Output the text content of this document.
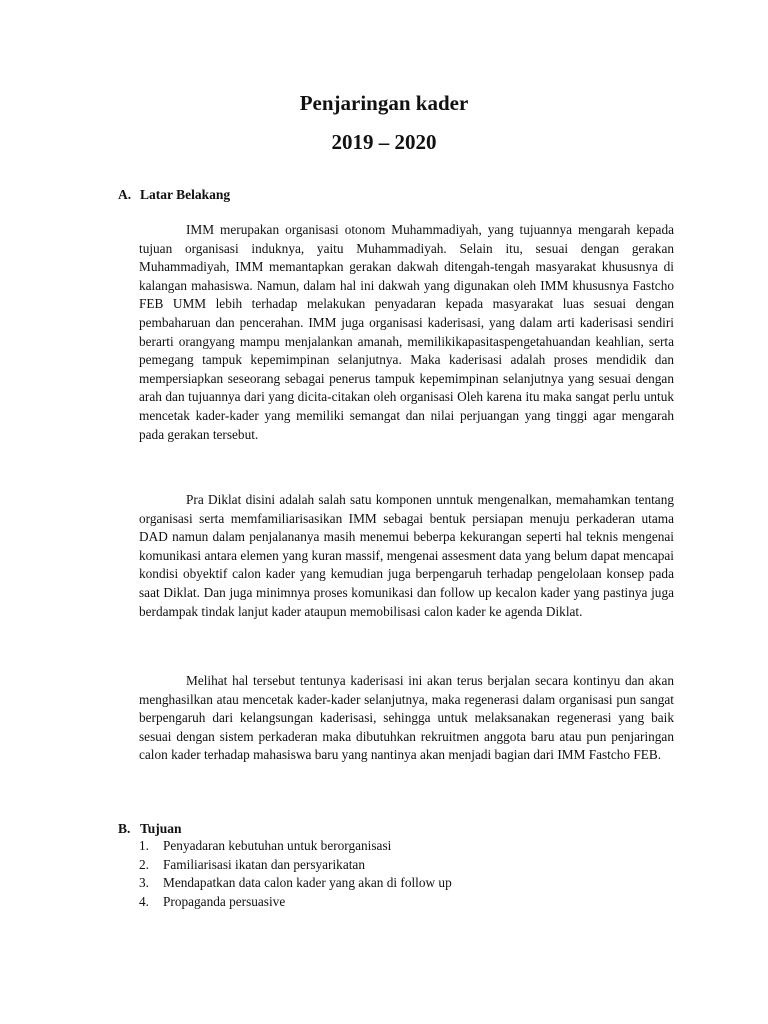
Penjaringan kader
2019 – 2020
A. Latar Belakang

IMM merupakan organisasi otonom Muhammadiyah, yang tujuannya mengarah kepada tujuan organisasi induknya, yaitu Muhammadiyah. Selain itu, sesuai dengan gerakan Muhammadiyah, IMM memantapkan gerakan dakwah ditengah-tengah masyarakat khususnya di kalangan mahasiswa. Namun, dalam hal ini dakwah yang digunakan oleh IMM khususnya Fastcho FEB UMM lebih terhadap melakukan penyadaran kepada masyarakat luas sesuai dengan pembaharuan dan pencerahan. IMM juga organisasi kaderisasi, yang dalam arti kaderisasi sendiri berarti orangyang mampu menjalankan amanah, memilikikapasitaspengetahuandan keahlian, serta pemegang tampuk kepemimpinan selanjutnya. Maka kaderisasi adalah proses mendidik dan mempersiapkan seseorang sebagai penerus tampuk kepemimpinan selanjutnya yang sesuai dengan arah dan tujuannya dari yang dicita-citakan oleh organisasi Oleh karena itu maka sangat perlu untuk mencetak kader-kader yang memiliki semangat dan nilai perjuangan yang tinggi agar mengarah pada gerakan tersebut.

Pra Diklat disini adalah salah satu komponen unntuk mengenalkan, memahamkan tentang organisasi serta memfamiliarisasikan IMM sebagai bentuk persiapan menuju perkaderan utama DAD namun dalam penjalananya masih menemui beberpa kekurangan seperti hal teknis mengenai komunikasi antara elemen yang kuran massif, mengenai assesment data yang belum dapat mencapai kondisi obyektif calon kader yang kemudian juga berpengaruh terhadap pengelolaan konsep pada saat Diklat. Dan juga minimnya proses komunikasi dan follow up kecalon kader yang pastinya juga berdampak tindak lanjut kader ataupun memobilisasi calon kader ke agenda Diklat.

Melihat hal tersebut tentunya kaderisasi ini akan terus berjalan secara kontinyu dan akan menghasilkan atau mencetak kader-kader selanjutnya, maka regenerasi dalam organisasi pun sangat berpengaruh dari kelangsungan kaderisasi, sehingga untuk melaksanakan regenerasi yang baik sesuai dengan sistem perkaderan maka dibutuhkan rekruitmen anggota baru atau pun penjaringan calon kader terhadap mahasiswa baru yang nantinya akan menjadi bagian dari IMM Fastcho FEB.

B. Tujuan
1. Penyadaran kebutuhan untuk berorganisasi
2. Familiarisasi ikatan dan persyarikatan
3. Mendapatkan data calon kader yang akan di follow up
4. Propaganda persuasive
